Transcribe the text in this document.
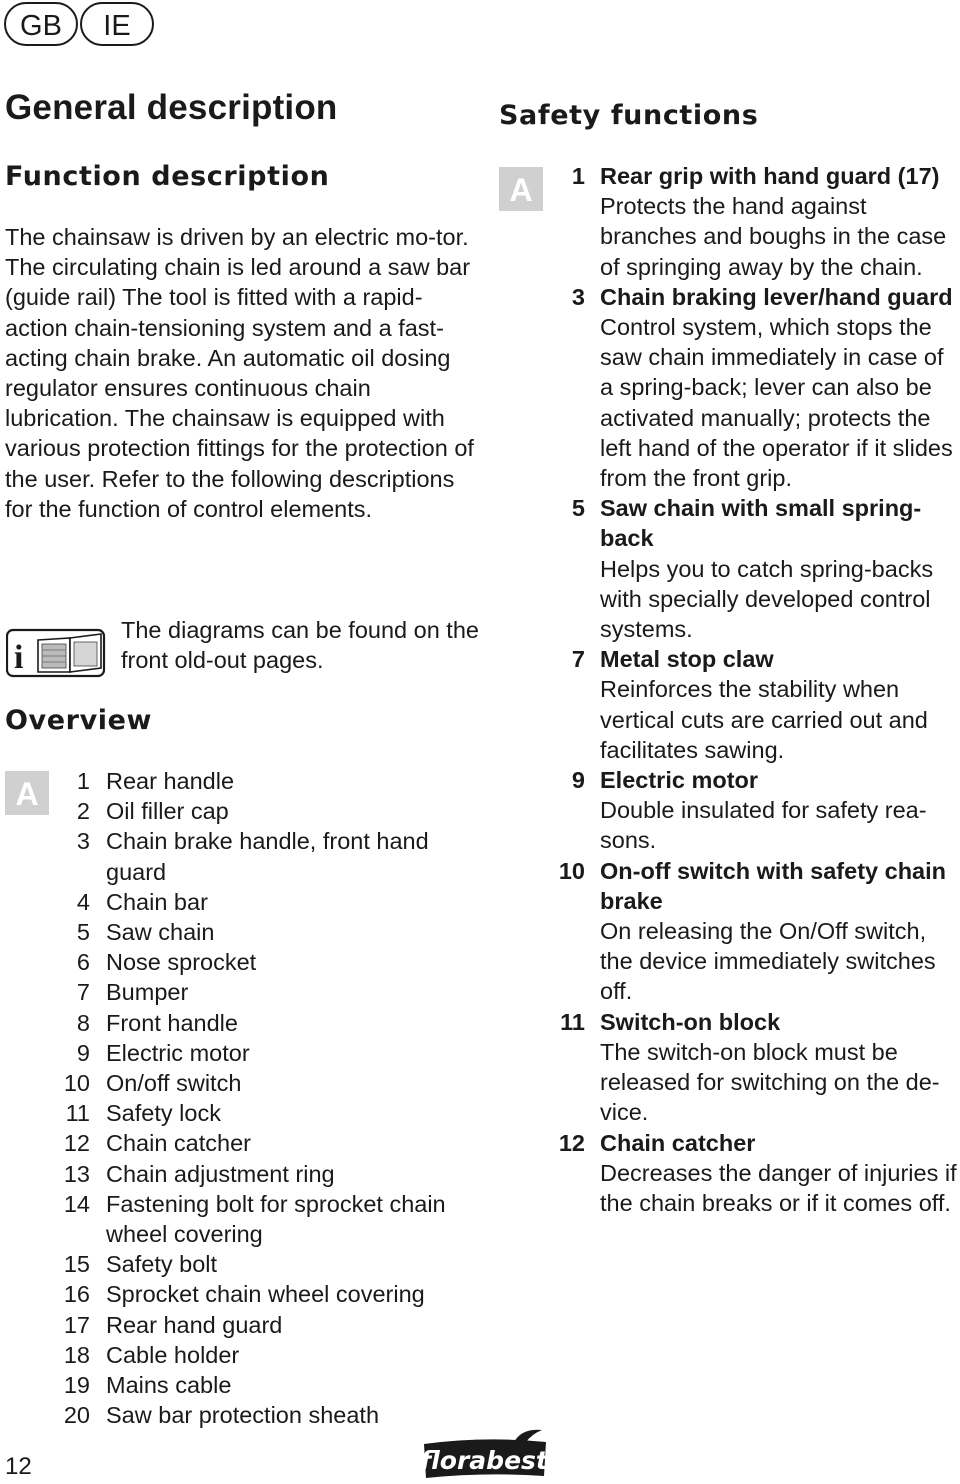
GB	IE
General description
Function description
The chainsaw is driven by an electric mo-tor. The circulating chain is led around a saw bar (guide rail) The tool is fitted with a rapid-action chain-tensioning system and a fast-acting chain brake. An automatic oil dosing regulator ensures continuous chain lubrication. The chainsaw is equipped with various protection fittings for the protection of the user. Refer to the following descriptions for the function of control elements.
i
The diagrams can be found on the front old-out pages.
Overview
A	1 Rear handle
2 Oil filler cap
3 Chain brake handle, front hand guard
4 Chain bar
5 Saw chain
6 Nose sprocket
7 Bumper
8 Front handle
9 Electric motor
10 On/off switch
11 Safety lock
12 Chain catcher
13 Chain adjustment ring
14 Fastening bolt for sprocket chain wheel covering
15 Safety bolt
16 Sprocket chain wheel covering
17 Rear hand guard
18 Cable holder
19 Mains cable
20 Saw bar protection sheath
Safety functions
A	1 Rear grip with hand guard (17)
Protects the hand against branches and boughs in the case of springing away by the chain.
3 Chain braking lever/hand guard
Control system, which stops the saw chain immediately in case of a spring-back; lever can also be activated manually; protects the left hand of the operator if it slides from the front grip.
5 Saw chain with small spring-back
Helps you to catch spring-backs with specially developed control systems.
7 Metal stop claw
Reinforces the stability when vertical cuts are carried out and facilitates sawing.
9 Electric motor
Double insulated for safety rea-sons.
10 On-off switch with safety chain brake
On releasing the On/Off switch, the device immediately switches off.
11 Switch-on block
The switch-on block must be released for switching on the de-vice.
12 Chain catcher
Decreases the danger of injuries if the chain breaks or if it comes off.
12	florabest
